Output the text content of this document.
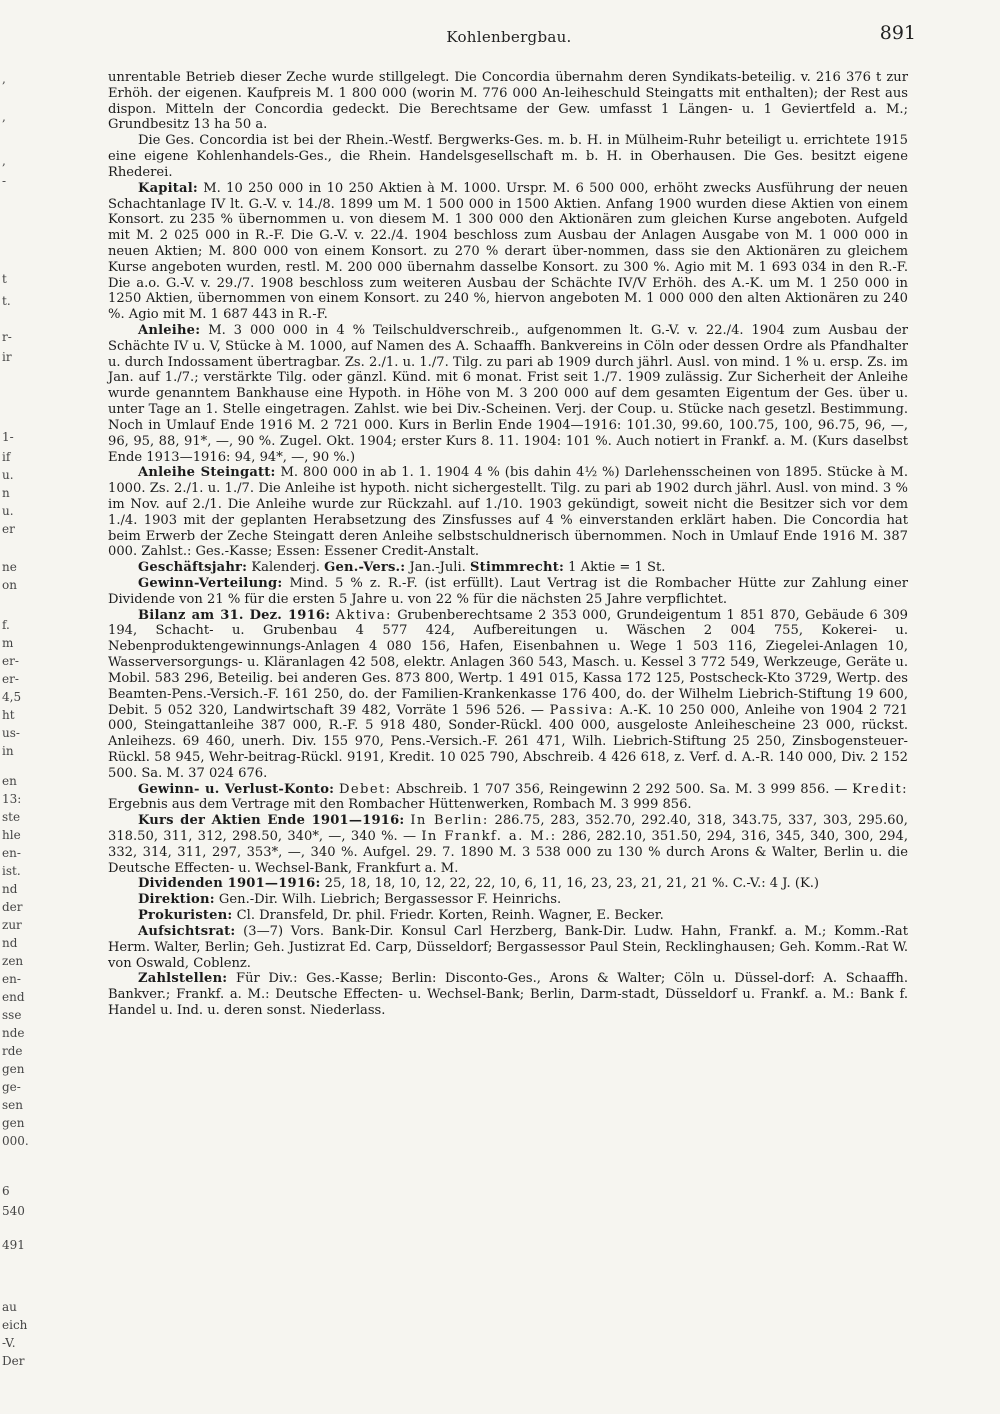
,
,
,
-
t
t.
r-
ir
1-
if
u.
n
u.
er
ne
on
f.
m
er-
er-
4,5
ht
us-
in
en
13:
ste
hle
en-
ist.
nd
der
zur
nd
zen
en-
end
sse
nde
rde
gen
ge-
sen
gen
000.
6
540
491
au
eich
-V.
Der
Kohlenbergbau.	891

unrentable Betrieb dieser Zeche wurde stillgelegt. Die Concordia übernahm deren Syndikats-beteilig. v. 216 376 t zur Erhöh. der eigenen. Kaufpreis M. 1 800 000 (worin M. 776 000 An-leiheschuld Steingatts mit enthalten); der Rest aus dispon. Mitteln der Concordia gedeckt. Die Berechtsame der Gew. umfasst 1 Längen- u. 1 Geviertfeld a. M.; Grundbesitz 13 ha 50 a.

Die Ges. Concordia ist bei der Rhein.-Westf. Bergwerks-Ges. m. b. H. in Mülheim-Ruhr beteiligt u. errichtete 1915 eine eigene Kohlenhandels-Ges., die Rhein. Handelsgesellschaft m. b. H. in Oberhausen. Die Ges. besitzt eigene Rhederei.

Kapital: M. 10 250 000 in 10 250 Aktien à M. 1000. Urspr. M. 6 500 000, erhöht zwecks Ausführung der neuen Schachtanlage IV lt. G.-V. v. 14./8. 1899 um M. 1 500 000 in 1500 Aktien. Anfang 1900 wurden diese Aktien von einem Konsort. zu 235 % übernommen u. von diesem M. 1 300 000 den Aktionären zum gleichen Kurse angeboten. Aufgeld mit M. 2 025 000 in R.-F. Die G.-V. v. 22./4. 1904 beschloss zum Ausbau der Anlagen Ausgabe von M. 1 000 000 in neuen Aktien; M. 800 000 von einem Konsort. zu 270 % derart über-nommen, dass sie den Aktionären zu gleichem Kurse angeboten wurden, restl. M. 200 000 übernahm dasselbe Konsort. zu 300 %. Agio mit M. 1 693 034 in den R.-F. Die a.o. G.-V. v. 29./7. 1908 beschloss zum weiteren Ausbau der Schächte IV/V Erhöh. des A.-K. um M. 1 250 000 in 1250 Aktien, übernommen von einem Konsort. zu 240 %, hiervon angeboten M. 1 000 000 den alten Aktionären zu 240 %. Agio mit M. 1 687 443 in R.-F.

Anleihe: M. 3 000 000 in 4 % Teilschuldverschreib., aufgenommen lt. G.-V. v. 22./4. 1904 zum Ausbau der Schächte IV u. V, Stücke à M. 1000, auf Namen des A. Schaaffh. Bankvereins in Cöln oder dessen Ordre als Pfandhalter u. durch Indossament übertragbar. Zs. 2./1. u. 1./7. Tilg. zu pari ab 1909 durch jährl. Ausl. von mind. 1 % u. ersp. Zs. im Jan. auf 1./7.; verstärkte Tilg. oder gänzl. Künd. mit 6 monat. Frist seit 1./7. 1909 zulässig. Zur Sicherheit der Anleihe wurde genanntem Bankhause eine Hypoth. in Höhe von M. 3 200 000 auf dem gesamten Eigentum der Ges. über u. unter Tage an 1. Stelle eingetragen. Zahlst. wie bei Div.-Scheinen. Verj. der Coup. u. Stücke nach gesetzl. Bestimmung. Noch in Umlauf Ende 1916 M. 2 721 000. Kurs in Berlin Ende 1904—1916: 101.30, 99.60, 100.75, 100, 96.75, 96, —, 96, 95, 88, 91*, —, 90 %. Zugel. Okt. 1904; erster Kurs 8. 11. 1904: 101 %. Auch notiert in Frankf. a. M. (Kurs daselbst Ende 1913—1916: 94, 94*, —, 90 %.)

Anleihe Steingatt: M. 800 000 in ab 1. 1. 1904 4 % (bis dahin 4½ %) Darlehensscheinen von 1895. Stücke à M. 1000. Zs. 2./1. u. 1./7. Die Anleihe ist hypoth. nicht sichergestellt. Tilg. zu pari ab 1902 durch jährl. Ausl. von mind. 3 % im Nov. auf 2./1. Die Anleihe wurde zur Rückzahl. auf 1./10. 1903 gekündigt, soweit nicht die Besitzer sich vor dem 1./4. 1903 mit der geplanten Herabsetzung des Zinsfusses auf 4 % einverstanden erklärt haben. Die Concordia hat beim Erwerb der Zeche Steingatt deren Anleihe selbstschuldnerisch übernommen. Noch in Umlauf Ende 1916 M. 387 000. Zahlst.: Ges.-Kasse; Essen: Essener Credit-Anstalt.

Geschäftsjahr: Kalenderj. Gen.-Vers.: Jan.-Juli. Stimmrecht: 1 Aktie = 1 St.

Gewinn-Verteilung: Mind. 5 % z. R.-F. (ist erfüllt). Laut Vertrag ist die Rombacher Hütte zur Zahlung einer Dividende von 21 % für die ersten 5 Jahre u. von 22 % für die nächsten 25 Jahre verpflichtet.

Bilanz am 31. Dez. 1916: Aktiva: Grubenberechtsame 2 353 000, Grundeigentum 1 851 870, Gebäude 6 309 194, Schacht- u. Grubenbau 4 577 424, Aufbereitungen u. Wäschen 2 004 755, Kokerei- u. Nebenproduktengewinnungs-Anlagen 4 080 156, Hafen, Eisenbahnen u. Wege 1 503 116, Ziegelei-Anlagen 10, Wasserversorgungs- u. Kläranlagen 42 508, elektr. Anlagen 360 543, Masch. u. Kessel 3 772 549, Werkzeuge, Geräte u. Mobil. 583 296, Beteilig. bei anderen Ges. 873 800, Wertp. 1 491 015, Kassa 172 125, Postscheck-Kto 3729, Wertp. des Beamten-Pens.-Versich.-F. 161 250, do. der Familien-Krankenkasse 176 400, do. der Wilhelm Liebrich-Stiftung 19 600, Debit. 5 052 320, Landwirtschaft 39 482, Vorräte 1 596 526. — Passiva: A.-K. 10 250 000, Anleihe von 1904 2 721 000, Steingattanleihe 387 000, R.-F. 5 918 480, Sonder-Rückl. 400 000, ausgeloste Anleihescheine 23 000, rückst. Anleihezs. 69 460, unerh. Div. 155 970, Pens.-Versich.-F. 261 471, Wilh. Liebrich-Stiftung 25 250, Zinsbogensteuer-Rückl. 58 945, Wehr-beitrag-Rückl. 9191, Kredit. 10 025 790, Abschreib. 4 426 618, z. Verf. d. A.-R. 140 000, Div. 2 152 500. Sa. M. 37 024 676.

Gewinn- u. Verlust-Konto: Debet: Abschreib. 1 707 356, Reingewinn 2 292 500. Sa. M. 3 999 856. — Kredit: Ergebnis aus dem Vertrage mit den Rombacher Hüttenwerken, Rombach M. 3 999 856.

Kurs der Aktien Ende 1901—1916: In Berlin: 286.75, 283, 352.70, 292.40, 318, 343.75, 337, 303, 295.60, 318.50, 311, 312, 298.50, 340*, —, 340 %. — In Frankf. a. M.: 286, 282.10, 351.50, 294, 316, 345, 340, 300, 294, 332, 314, 311, 297, 353*, —, 340 %. Aufgel. 29. 7. 1890 M. 3 538 000 zu 130 % durch Arons & Walter, Berlin u. die Deutsche Effecten- u. Wechsel-Bank, Frankfurt a. M.

Dividenden 1901—1916: 25, 18, 18, 10, 12, 22, 22, 10, 6, 11, 16, 23, 23, 21, 21, 21 %. C.-V.: 4 J. (K.)

Direktion: Gen.-Dir. Wilh. Liebrich; Bergassessor F. Heinrichs.

Prokuristen: Cl. Dransfeld, Dr. phil. Friedr. Korten, Reinh. Wagner, E. Becker.

Aufsichtsrat: (3—7) Vors. Bank-Dir. Konsul Carl Herzberg, Bank-Dir. Ludw. Hahn, Frankf. a. M.; Komm.-Rat Herm. Walter, Berlin; Geh. Justizrat Ed. Carp, Düsseldorf; Bergassessor Paul Stein, Recklinghausen; Geh. Komm.-Rat W. von Oswald, Coblenz.

Zahlstellen: Für Div.: Ges.-Kasse; Berlin: Disconto-Ges., Arons & Walter; Cöln u. Düssel-dorf: A. Schaaffh. Bankver.; Frankf. a. M.: Deutsche Effecten- u. Wechsel-Bank; Berlin, Darm-stadt, Düsseldorf u. Frankf. a. M.: Bank f. Handel u. Ind. u. deren sonst. Niederlass.
